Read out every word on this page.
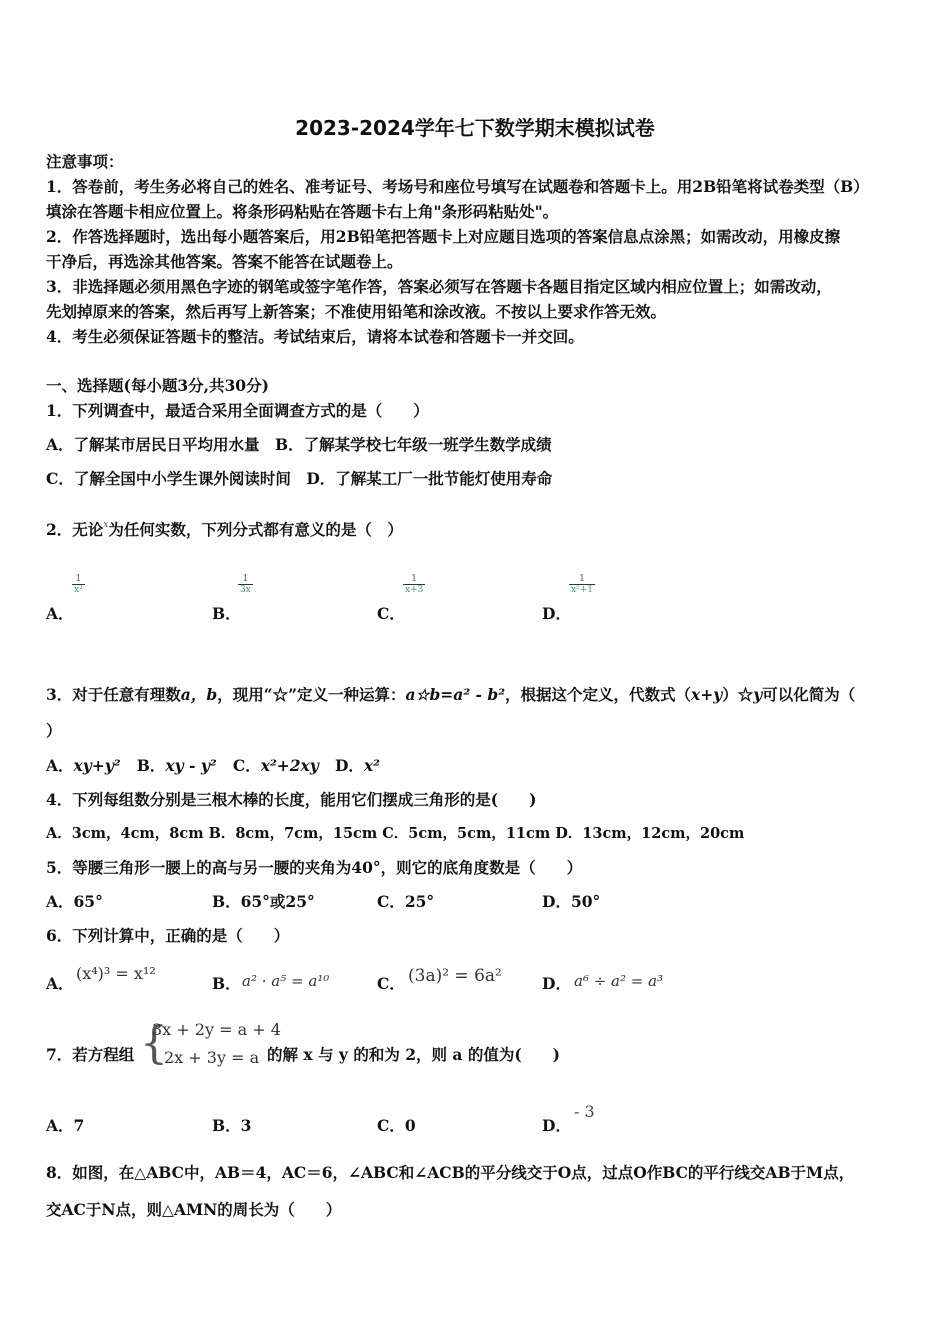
2023-2024学年七下数学期末模拟试卷
注意事项：
1．答卷前，考生务必将自己的姓名、准考证号、考场号和座位号填写在试题卷和答题卡上。用2B铅笔将试卷类型（B）
填涂在答题卡相应位置上。将条形码粘贴在答题卡右上角"条形码粘贴处"。
2．作答选择题时，选出每小题答案后，用2B铅笔把答题卡上对应题目选项的答案信息点涂黑；如需改动，用橡皮擦
干净后，再选涂其他答案。答案不能答在试题卷上。
3．非选择题必须用黑色字迹的钢笔或签字笔作答，答案必须写在答题卡各题目指定区域内相应位置上；如需改动，
先划掉原来的答案，然后再写上新答案；不准使用铅笔和涂改液。不按以上要求作答无效。
4．考生必须保证答题卡的整洁。考试结束后，请将本试卷和答题卡一并交回。
一、选择题(每小题3分,共30分)
1．下列调查中，最适合采用全面调查方式的是（　　）
A．了解某市居民日平均用水量　B．了解某学校七年级一班学生数学成绩
C．了解全国中小学生课外阅读时间　D．了解某工厂一批节能灯使用寿命
2．无论$^x$为任何实数，下列分式都有意义的是（　）
1
x²
A．
1
3x
B．
1
x+3
C．
1
x²+1
D．
3．对于任意有理数a，b，现用“☆”定义一种运算：a☆b=a² - b²，根据这个定义，代数式（x+y）☆y可以化简为（
）
A．xy+y² B．xy - y² C．x²+2xy D．x²
4．下列每组数分别是三根木棒的长度，能用它们摆成三角形的是(　　)
A．3cm，4cm，8cm B．8cm，7cm，15cm C．5cm，5cm，11cm D．13cm，12cm，20cm
5．等腰三角形一腰上的高与另一腰的夹角为40°，则它的底角度数是（　　）
A．65°	B．65°或25°	C．25°	D．50°
6．下列计算中，正确的是（　　）
A．
(x⁴)³ = x¹²
B． a² · a⁵ = a¹⁰	C． (3a)² = 6a²	D． a⁶ ÷ a² = a³
7．若方程组 {
3x + 2y = a + 4
2x + 3y = a 的解 x 与 y 的和为 2，则 a 的值为(　　)
A．7	B．3	C．0	D．
- 3
8．如图，在△ABC中，AB＝4，AC＝6，∠ABC和∠ACB的平分线交于O点，过点O作BC的平行线交AB于M点，
交AC于N点，则△AMN的周长为（　　）
